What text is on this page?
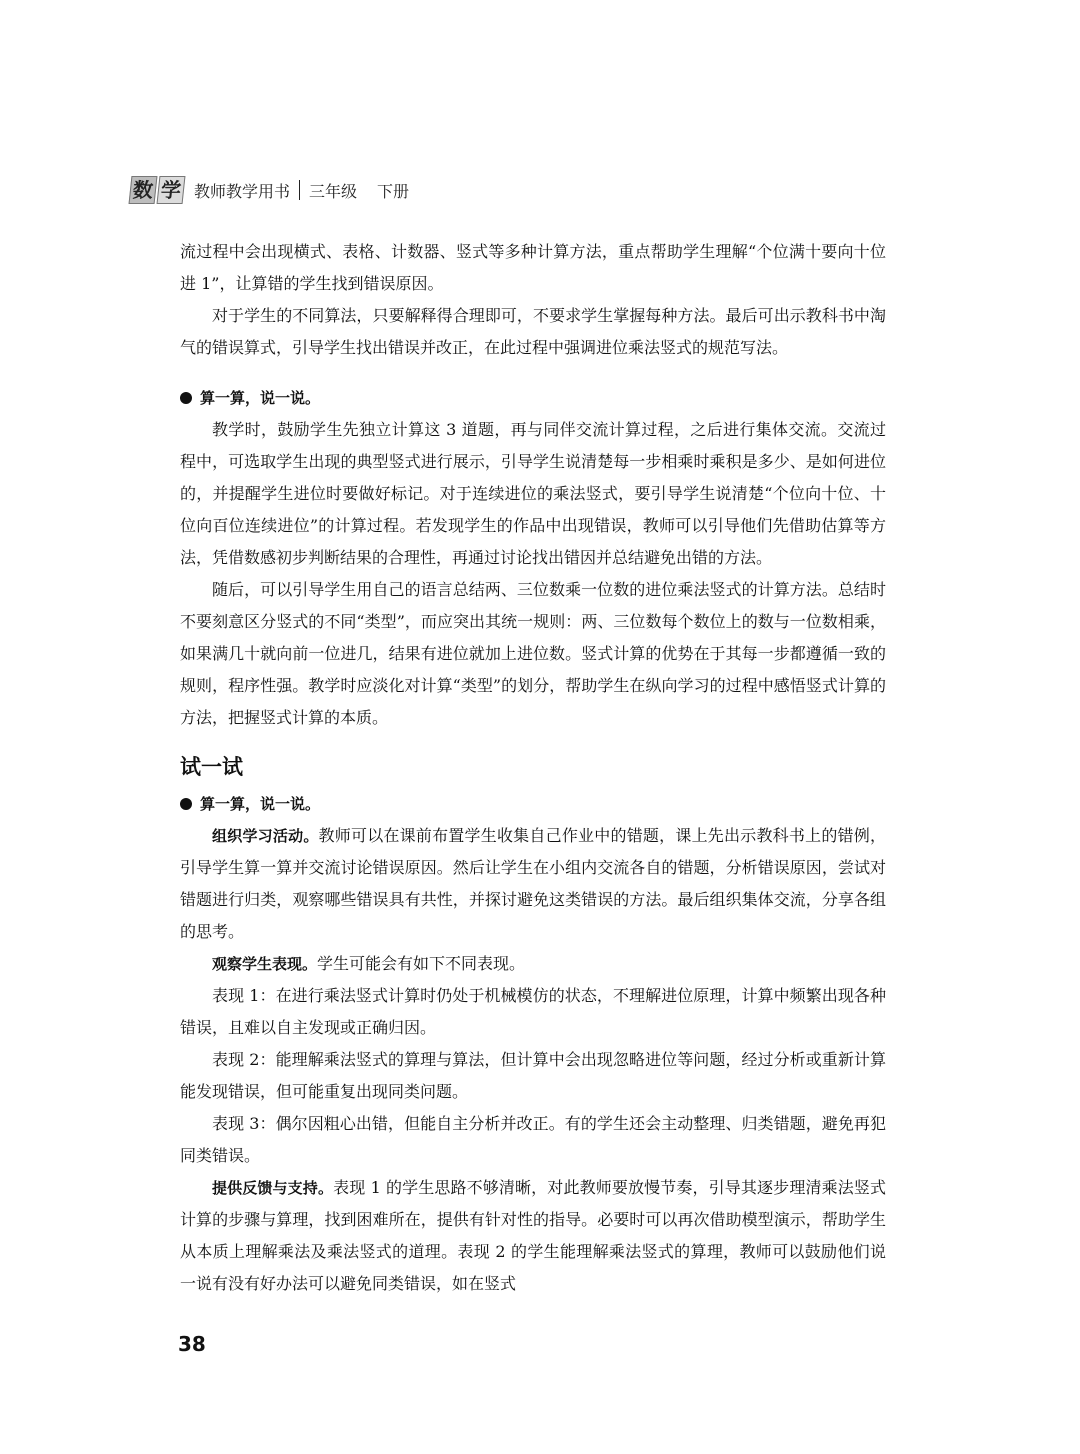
数 学 教师教学用书 三年级 下册

流过程中会出现横式、表格、计数器、竖式等多种计算方法，重点帮助学生理解“个位满十要向十位进 1”，让算错的学生找到错误原因。

对于学生的不同算法，只要解释得合理即可，不要求学生掌握每种方法。最后可出示教科书中淘气的错误算式，引导学生找出错误并改正，在此过程中强调进位乘法竖式的规范写法。

算一算，说一说。

教学时，鼓励学生先独立计算这 3 道题，再与同伴交流计算过程，之后进行集体交流。交流过程中，可选取学生出现的典型竖式进行展示，引导学生说清楚每一步相乘时乘积是多少、是如何进位的，并提醒学生进位时要做好标记。对于连续进位的乘法竖式，要引导学生说清楚“个位向十位、十位向百位连续进位”的计算过程。若发现学生的作品中出现错误，教师可以引导他们先借助估算等方法，凭借数感初步判断结果的合理性，再通过讨论找出错因并总结避免出错的方法。

随后，可以引导学生用自己的语言总结两、三位数乘一位数的进位乘法竖式的计算方法。总结时不要刻意区分竖式的不同“类型”，而应突出其统一规则：两、三位数每个数位上的数与一位数相乘，如果满几十就向前一位进几，结果有进位就加上进位数。竖式计算的优势在于其每一步都遵循一致的规则，程序性强。教学时应淡化对计算“类型”的划分，帮助学生在纵向学习的过程中感悟竖式计算的方法，把握竖式计算的本质。

试一试
算一算，说一说。

组织学习活动。教师可以在课前布置学生收集自己作业中的错题，课上先出示教科书上的错例，引导学生算一算并交流讨论错误原因。然后让学生在小组内交流各自的错题，分析错误原因，尝试对错题进行归类，观察哪些错误具有共性，并探讨避免这类错误的方法。最后组织集体交流，分享各组的思考。

观察学生表现。学生可能会有如下不同表现。

表现 1：在进行乘法竖式计算时仍处于机械模仿的状态，不理解进位原理，计算中频繁出现各种错误，且难以自主发现或正确归因。

表现 2：能理解乘法竖式的算理与算法，但计算中会出现忽略进位等问题，经过分析或重新计算能发现错误，但可能重复出现同类问题。

表现 3：偶尔因粗心出错，但能自主分析并改正。有的学生还会主动整理、归类错题，避免再犯同类错误。

提供反馈与支持。表现 1 的学生思路不够清晰，对此教师要放慢节奏，引导其逐步理清乘法竖式计算的步骤与算理，找到困难所在，提供有针对性的指导。必要时可以再次借助模型演示，帮助学生从本质上理解乘法及乘法竖式的道理。表现 2 的学生能理解乘法竖式的算理，教师可以鼓励他们说一说有没有好办法可以避免同类错误，如在竖式

38
